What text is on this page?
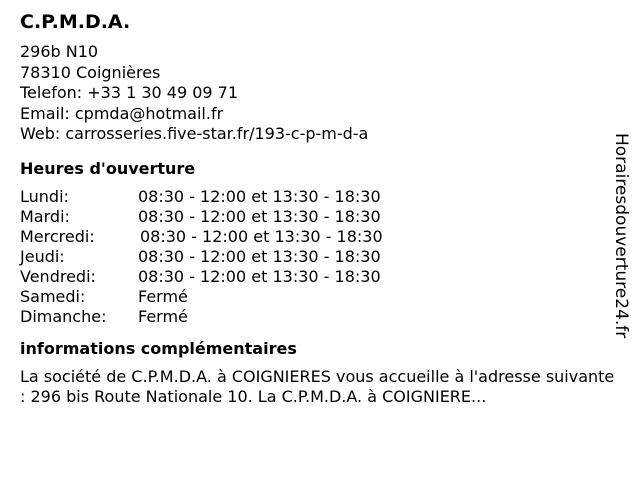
C.P.M.D.A.
296b N10
78310 Coignières
Telefon: +33 1 30 49 09 71
Email: cpmda@hotmail.fr
Web: carrosseries.five-star.fr/193-c-p-m-d-a
Heures d'ouverture
Lundi:	08:30 - 12:00 et 13:30 - 18:30
Mardi:	08:30 - 12:00 et 13:30 - 18:30
Mercredi:	08:30 - 12:00 et 13:30 - 18:30
Jeudi:	08:30 - 12:00 et 13:30 - 18:30
Vendredi:	08:30 - 12:00 et 13:30 - 18:30
Samedi:	Fermé
Dimanche:	Fermé
informations complémentaires
La société de C.P.M.D.A. à COIGNIERES vous accueille à l'adresse suivante : 296 bis Route Nationale 10. La C.P.M.D.A. à COIGNIERE...
Horairesdouverture24.fr
